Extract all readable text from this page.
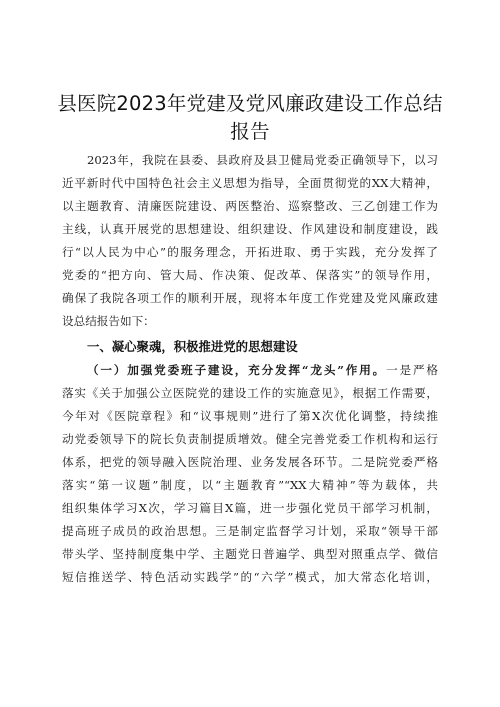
县医院2023年党建及党风廉政建设工作总结
报告
2023年，我院在县委、县政府及县卫健局党委正确领导下，以习
近平新时代中国特色社会主义思想为指导，全面贯彻党的XX大精神，
以主题教育、清廉医院建设、两医整治、巡察整改、三乙创建工作为
主线，认真开展党的思想建设、组织建设、作风建设和制度建设，践
行“以人民为中心”的服务理念，开拓进取、勇于实践，充分发挥了
党委的“把方向、管大局、作决策、促改革、保落实”的领导作用，
确保了我院各项工作的顺利开展，现将本年度工作党建及党风廉政建
设总结报告如下：
一、凝心聚魂，积极推进党的思想建设
（一）加强党委班子建设，充分发挥“龙头”作用。一是严格
落实《关于加强公立医院党的建设工作的实施意见》，根据工作需要，
今年对《医院章程》和“议事规则”进行了第X次优化调整，持续推
动党委领导下的院长负责制提质增效。健全完善党委工作机构和运行
体系，把党的领导融入医院治理、业务发展各环节。二是院党委严格
落实“第一议题”制度，以“主题教育”“XX大精神”等为载体，共
组织集体学习X次，学习篇目X篇，进一步强化党员干部学习机制，
提高班子成员的政治思想。三是制定监督学习计划，采取“领导干部
带头学、坚持制度集中学、主题党日普遍学、典型对照重点学、微信
短信推送学、特色活动实践学”的“六学”模式，加大常态化培训，
